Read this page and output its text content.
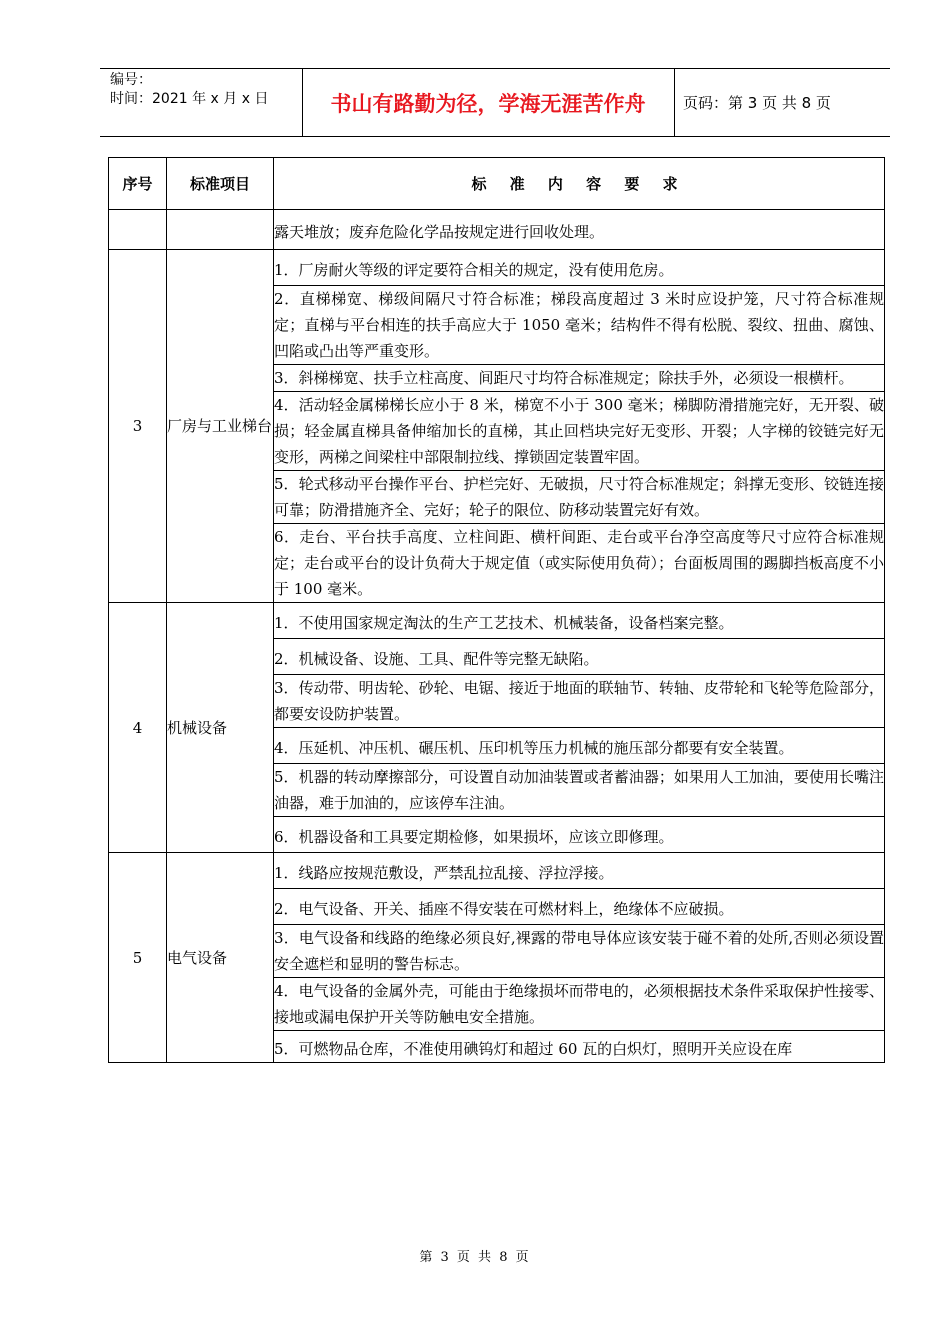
编号：
时间：2021 年 x 月 x 日	书山有路勤为径，学海无涯苦作舟	页码：第 3 页 共 8 页
序号	标准项目	标 准 内 容 要 求
		露天堆放；废弃危险化学品按规定进行回收处理。
3	厂房与工业梯台	1．厂房耐火等级的评定要符合相关的规定，没有使用危房。
		2．直梯梯宽、梯级间隔尺寸符合标准；梯段高度超过 3 米时应设护笼，尺寸符合标准规定；直梯与平台相连的扶手高应大于 1050 毫米；结构件不得有松脱、裂纹、扭曲、腐蚀、凹陷或凸出等严重变形。
		3．斜梯梯宽、扶手立柱高度、间距尺寸均符合标准规定；除扶手外，必须设一根横杆。
		4．活动轻金属梯梯长应小于 8 米，梯宽不小于 300 毫米；梯脚防滑措施完好，无开裂、破损；轻金属直梯具备伸缩加长的直梯，其止回档块完好无变形、开裂；人字梯的铰链完好无变形，两梯之间梁柱中部限制拉线、撑锁固定装置牢固。
		5．轮式移动平台操作平台、护栏完好、无破损，尺寸符合标准规定；斜撑无变形、铰链连接可靠；防滑措施齐全、完好；轮子的限位、防移动装置完好有效。
		6．走台、平台扶手高度、立柱间距、横杆间距、走台或平台净空高度等尺寸应符合标准规定；走台或平台的设计负荷大于规定值（或实际使用负荷）；台面板周围的踢脚挡板高度不小于 100 毫米。
4	机械设备	1．不使用国家规定淘汰的生产工艺技术、机械装备，设备档案完整。
		2．机械设备、设施、工具、配件等完整无缺陷。
		3．传动带、明齿轮、砂轮、电锯、接近于地面的联轴节、转轴、皮带轮和飞轮等危险部分，都要安设防护装置。
		4．压延机、冲压机、碾压机、压印机等压力机械的施压部分都要有安全装置。
		5．机器的转动摩擦部分，可设置自动加油装置或者蓄油器；如果用人工加油，要使用长嘴注油器，难于加油的，应该停车注油。
		6．机器设备和工具要定期检修，如果损坏，应该立即修理。
5	电气设备	1．线路应按规范敷设，严禁乱拉乱接、浮拉浮接。
		2．电气设备、开关、插座不得安装在可燃材料上，绝缘体不应破损。
		3．电气设备和线路的绝缘必须良好,裸露的带电导体应该安装于碰不着的处所,否则必须设置安全遮栏和显明的警告标志。
		4．电气设备的金属外壳，可能由于绝缘损坏而带电的，必须根据技术条件采取保护性接零、接地或漏电保护开关等防触电安全措施。
		5．可燃物品仓库，不准使用碘钨灯和超过 60 瓦的白炽灯，照明开关应设在库
第 3 页 共 8 页
